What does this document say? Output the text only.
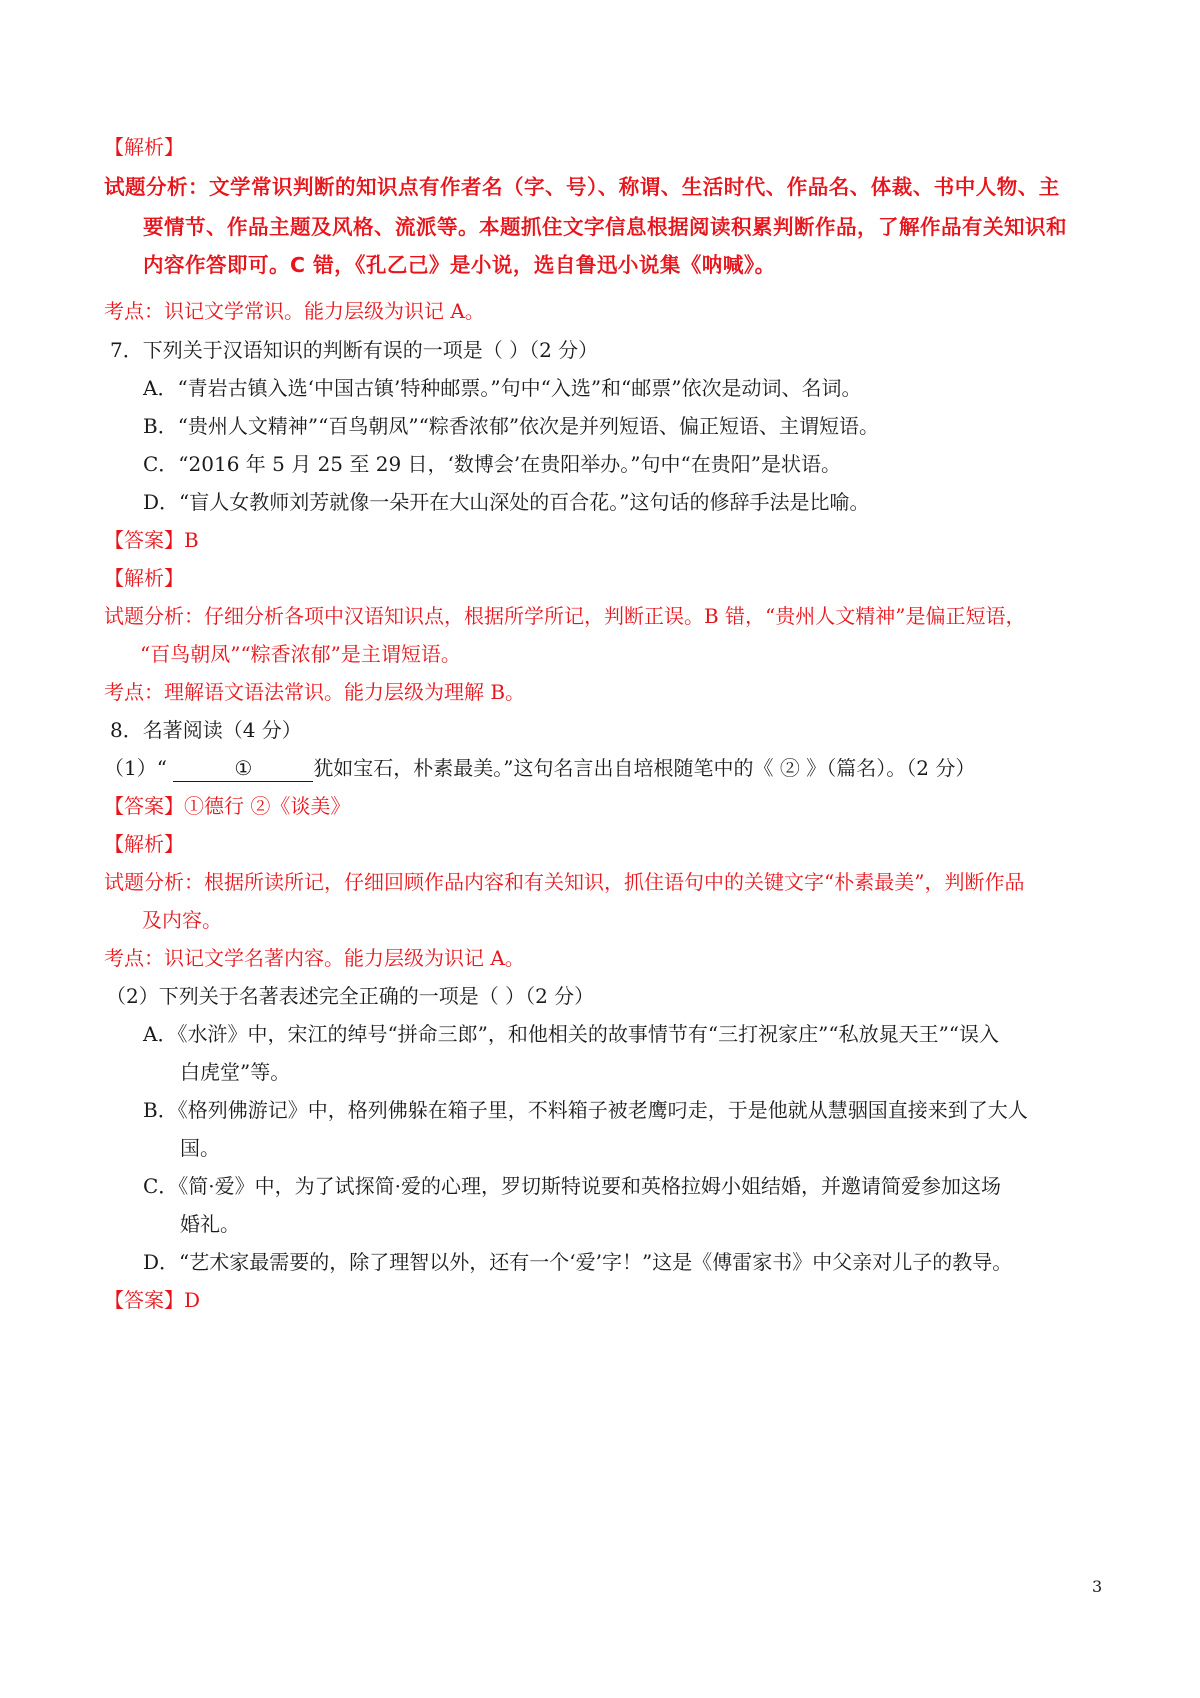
【解析】
试题分析：文学常识判断的知识点有作者名（字、号）、称谓、生活时代、作品名、体裁、书中人物、主
要情节、作品主题及风格、流派等。本题抓住文字信息根据阅读积累判断作品，了解作品有关知识和
内容作答即可。C 错，《孔乙己》是小说，选自鲁迅小说集《呐喊》。
考点：识记文学常识。能力层级为识记 A。
7．下列关于汉语知识的判断有误的一项是（ ）（2 分）
A．“青岩古镇入选‘中国古镇’特种邮票。”句中“入选”和“邮票”依次是动词、名词。
B．“贵州人文精神”“百鸟朝凤”“粽香浓郁”依次是并列短语、偏正短语、主谓短语。
C．“2016 年 5 月 25 至 29 日，‘数博会’在贵阳举办。”句中“在贵阳”是状语。
D．“盲人女教师刘芳就像一朵开在大山深处的百合花。”这句话的修辞手法是比喻。
【答案】B
【解析】
试题分析：仔细分析各项中汉语知识点，根据所学所记，判断正误。B 错，“贵州人文精神”是偏正短语，
“百鸟朝凤”“粽香浓郁”是主谓短语。
考点：理解语文语法常识。能力层级为理解 B。
8．名著阅读（4 分）
（1）“	①	犹如宝石，朴素最美。”这句名言出自培根随笔中的《 ② 》（篇名）。（2 分）
【答案】①德行 ②《谈美》
【解析】
试题分析：根据所读所记，仔细回顾作品内容和有关知识，抓住语句中的关键文字“朴素最美”，判断作品
及内容。
考点：识记文学名著内容。能力层级为识记 A。
（2）下列关于名著表述完全正确的一项是（ ）（2 分）
A．《水浒》中，宋江的绰号“拼命三郎”，和他相关的故事情节有“三打祝家庄”“私放晁天王”“误入
白虎堂”等。
B．《格列佛游记》中，格列佛躲在箱子里，不料箱子被老鹰叼走，于是他就从慧骃国直接来到了大人
国。
C．《简·爱》中，为了试探简·爱的心理，罗切斯特说要和英格拉姆小姐结婚，并邀请简爱参加这场
婚礼。
D．“艺术家最需要的，除了理智以外，还有一个‘爱’字！”这是《傅雷家书》中父亲对儿子的教导。
【答案】D
3
